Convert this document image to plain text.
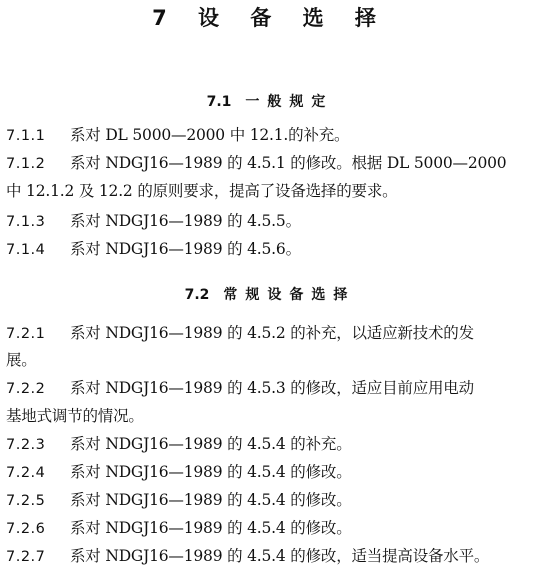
7 设 备 选 择
7.1 一般规定
7.1.1 系对 DL 5000—2000 中 12.1.的补充。
7.1.2 系对 NDGJ16—1989 的 4.5.1 的修改。根据 DL 5000—2000
中 12.1.2 及 12.2 的原则要求，提高了设备选择的要求。
7.1.3 系对 NDGJ16—1989 的 4.5.5。
7.1.4 系对 NDGJ16—1989 的 4.5.6。
7.2 常规设备选择
7.2.1 系对 NDGJ16—1989 的 4.5.2 的补充，以适应新技术的发
展。
7.2.2 系对 NDGJ16—1989 的 4.5.3 的修改，适应目前应用电动
基地式调节的情况。
7.2.3 系对 NDGJ16—1989 的 4.5.4 的补充。
7.2.4 系对 NDGJ16—1989 的 4.5.4 的修改。
7.2.5 系对 NDGJ16—1989 的 4.5.4 的修改。
7.2.6 系对 NDGJ16—1989 的 4.5.4 的修改。
7.2.7 系对 NDGJ16—1989 的 4.5.4 的修改，适当提高设备水平。
